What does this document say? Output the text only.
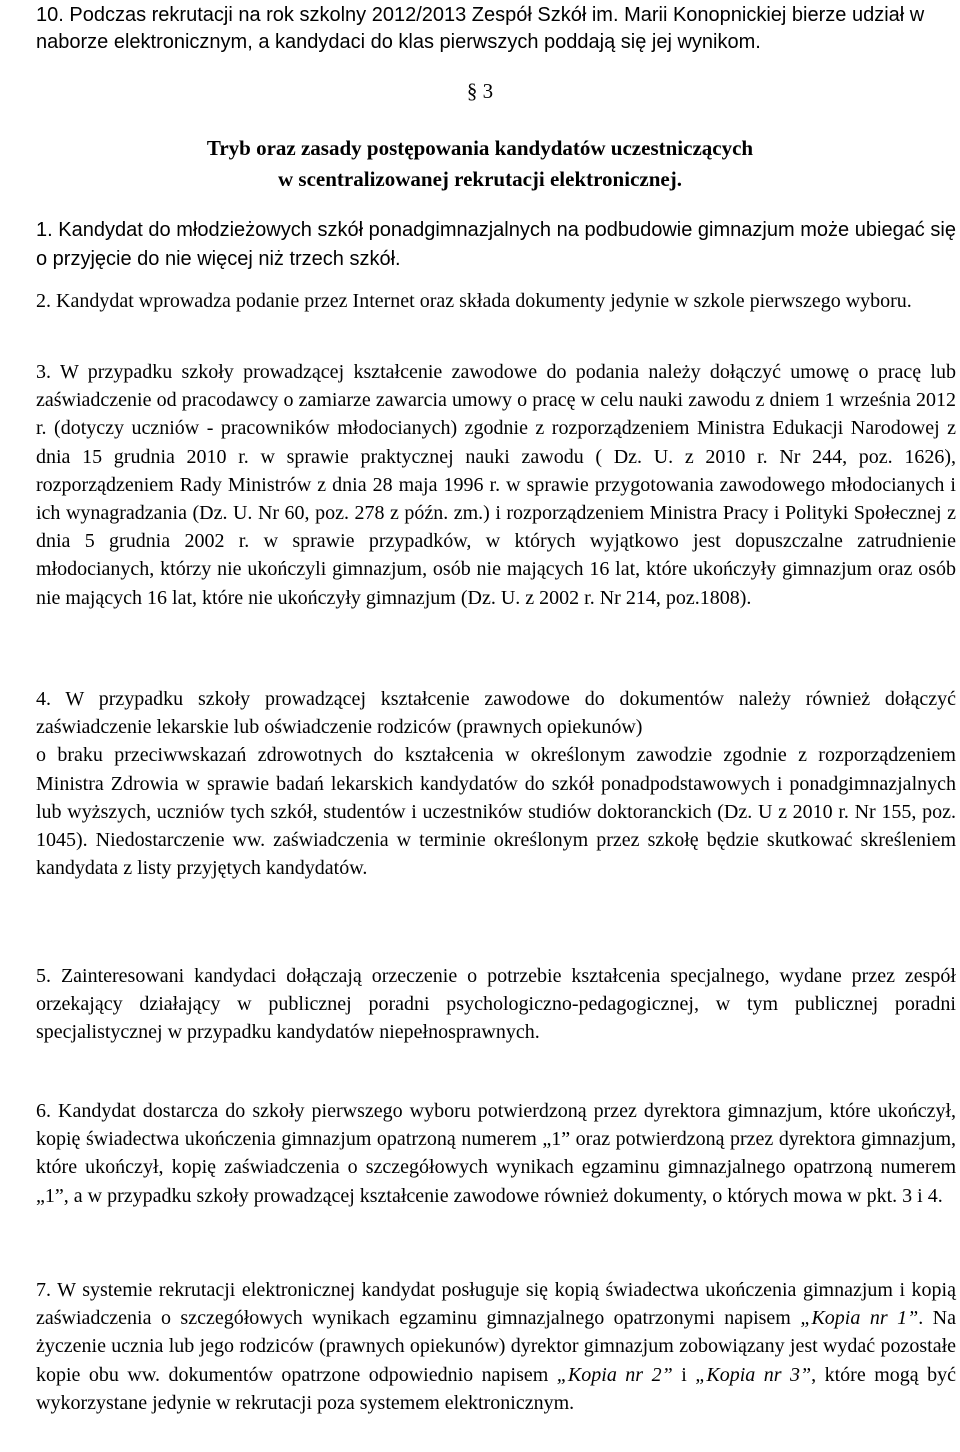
10. Podczas rekrutacji na rok szkolny 2012/2013 Zespół Szkół im. Marii Konopnickiej bierze udział w naborze elektronicznym, a kandydaci do klas pierwszych poddają się jej wynikom.
§ 3
Tryb oraz zasady postępowania kandydatów uczestniczących
w scentralizowanej rekrutacji elektronicznej.

1. Kandydat do młodzieżowych szkół ponadgimnazjalnych na podbudowie gimnazjum może ubiegać się o przyjęcie do nie więcej niż trzech szkół.

2. Kandydat wprowadza podanie przez Internet oraz składa dokumenty jedynie w szkole pierwszego wyboru.

3. W przypadku szkoły prowadzącej kształcenie zawodowe do podania należy dołączyć umowę o pracę lub zaświadczenie od pracodawcy o zamiarze zawarcia umowy o pracę w celu nauki zawodu z dniem 1 września 2012 r. (dotyczy uczniów - pracowników młodocianych) zgodnie z rozporządzeniem Ministra Edukacji Narodowej z dnia 15 grudnia 2010 r. w sprawie praktycznej nauki zawodu ( Dz. U. z 2010 r. Nr 244, poz. 1626), rozporządzeniem Rady Ministrów z dnia 28 maja 1996 r. w sprawie przygotowania zawodowego młodocianych i ich wynagradzania (Dz. U. Nr 60, poz. 278 z późn. zm.) i rozporządzeniem Ministra Pracy i Polityki Społecznej z dnia 5 grudnia 2002 r. w sprawie przypadków, w których wyjątkowo jest dopuszczalne zatrudnienie młodocianych, którzy nie ukończyli gimnazjum, osób nie mających 16 lat, które ukończyły gimnazjum oraz osób nie mających 16 lat, które nie ukończyły gimnazjum (Dz. U. z 2002 r. Nr 214, poz.1808).

4. W przypadku szkoły prowadzącej kształcenie zawodowe do dokumentów należy również dołączyć zaświadczenie lekarskie lub oświadczenie rodziców (prawnych opiekunów)

o braku przeciwwskazań zdrowotnych do kształcenia w określonym zawodzie zgodnie z rozporządzeniem Ministra Zdrowia w sprawie badań lekarskich kandydatów do szkół ponadpodstawowych i ponadgimnazjalnych lub wyższych, uczniów tych szkół, studentów i uczestników studiów doktoranckich (Dz. U z 2010 r. Nr 155, poz. 1045). Niedostarczenie ww. zaświadczenia w terminie określonym przez szkołę będzie skutkować skreśleniem kandydata z listy przyjętych kandydatów.

5. Zainteresowani kandydaci dołączają orzeczenie o potrzebie kształcenia specjalnego, wydane przez zespół orzekający działający w publicznej poradni psychologiczno-pedagogicznej, w tym publicznej poradni specjalistycznej w przypadku kandydatów niepełnosprawnych.

6. Kandydat dostarcza do szkoły pierwszego wyboru potwierdzoną przez dyrektora gimnazjum, które ukończył, kopię świadectwa ukończenia gimnazjum opatrzoną numerem „1” oraz potwierdzoną przez dyrektora gimnazjum, które ukończył, kopię zaświadczenia o szczegółowych wynikach egzaminu gimnazjalnego opatrzoną numerem „1”, a w przypadku szkoły prowadzącej kształcenie zawodowe również dokumenty, o których mowa w pkt. 3 i 4.

7. W systemie rekrutacji elektronicznej kandydat posługuje się kopią świadectwa ukończenia gimnazjum i kopią zaświadczenia o szczegółowych wynikach egzaminu gimnazjalnego opatrzonymi napisem „Kopia nr 1”. Na życzenie ucznia lub jego rodziców (prawnych opiekunów) dyrektor gimnazjum zobowiązany jest wydać pozostałe kopie obu ww. dokumentów opatrzone odpowiednio napisem „Kopia nr 2” i „Kopia nr 3”, które mogą być wykorzystane jedynie w rekrutacji poza systemem elektronicznym.
